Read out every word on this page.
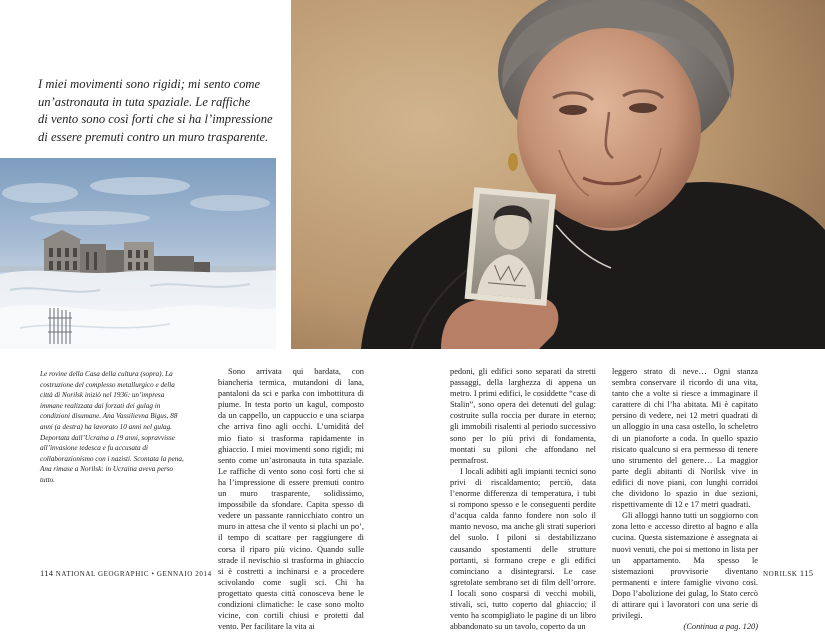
I miei movimenti sono rigidi; mi sento come
un’astronauta in tuta spaziale. Le raffiche
di vento sono così forti che si ha l’impressione
di essere premuti contro un muro trasparente.
Le rovine della Casa della cultura (sopra). La costruzione del complesso metallurgico e della città di Norilsk iniziò nel 1936: un’impresa immane realizzata dai forzati dei gulag in condizioni disumane. Ana Vassilievna Bigus, 88 anni (a destra) ha lavorato 10 anni nel gulag. Deportata dall’Ucraina a 19 anni, sopravvisse all’invasione tedesca e fu accusata di collaborazionismo con i nazisti. Scontata la pena, Ana rimase a Norilsk: in Ucraina aveva perso tutto.

Sono arrivata qui bardata, con biancheria termica, mutandoni di lana, pantaloni da sci e parka con imbottitura di piume. In testa porto un kagul, composto da un cappello, un cappuccio e una sciarpa che arriva fino agli occhi. L’umidità del mio fiato si trasforma rapidamente in ghiaccio. I miei movimenti sono rigidi; mi sento come un’astronauta in tuta spaziale. Le raffiche di vento sono così forti che si ha l’impressione di essere premuti contro un muro trasparente, solidissimo, impossibile da sfondare. Capita spesso di vedere un passante rannicchiato contro un muro in attesa che il vento si plachi un po’, il tempo di scattare per raggiungere di corsa il riparo più vicino. Quando sulle strade il nevischio si trasforma in ghiaccio si è costretti a inchinarsi e a procedere scivolando come sugli sci. Chi ha progettato questa città conosceva bene le condizioni climatiche: le case sono molto vicine, con cortili chiusi e protetti dal vento. Per facilitare la vita ai

pedoni, gli edifici sono separati da stretti passaggi, della larghezza di appena un metro. I primi edifici, le cosiddette “case di Stalin”, sono opera dei detenuti del gulag: costruite sulla roccia per durare in eterno; gli immobili risalenti al periodo successivo sono per lo più privi di fondamenta, montati su piloni che affondano nel permafrost.

I locali adibiti agli impianti tecnici sono privi di riscaldamento; perciò, data l’enorme differenza di temperatura, i tubi si rompono spesso e le conseguenti perdite d’acqua calda fanno fondere non solo il manto nevoso, ma anche gli strati superiori del suolo. I piloni si destabilizzano causando spostamenti delle strutture portanti, si formano crepe e gli edifici cominciano a disintegrarsi. Le case sgretolate sembrano set di film dell’orrore. I locali sono cosparsi di vecchi mobili, stivali, sci, tutto coperto dal ghiaccio; il vento ha scompigliato le pagine di un libro abbandonato su un tavolo, coperto da un

leggero strato di neve… Ogni stanza sembra conservare il ricordo di una vita, tanto che a volte si riesce a immaginare il carattere di chi l’ha abitata. Mi è capitato persino di vedere, nei 12 metri quadrati di un alloggio in una casa ostello, lo scheletro di un pianoforte a coda. In quello spazio risicato qualcuno si era permesso di tenere uno strumento del genere… La maggior parte degli abitanti di Norilsk vive in edifici di nove piani, con lunghi corridoi che dividono lo spazio in due sezioni, rispettivamente di 12 e 17 metri quadrati.

Gli alloggi hanno tutti un soggiorno con zona letto e accesso diretto al bagno e alla cucina. Questa sistemazione è assegnata ai nuovi venuti, che poi si mettono in lista per un appartamento. Ma spesso le sistemazioni provvisorie diventano permanenti e intere famiglie vivono così. Dopo l’abolizione dei gulag, lo Stato cercò di attirare qui i lavoratori con una serie di privilegi.

(Continua a pag. 120)
114 NATIONAL GEOGRAPHIC • GENNAIO 2014	NORILSK 115
